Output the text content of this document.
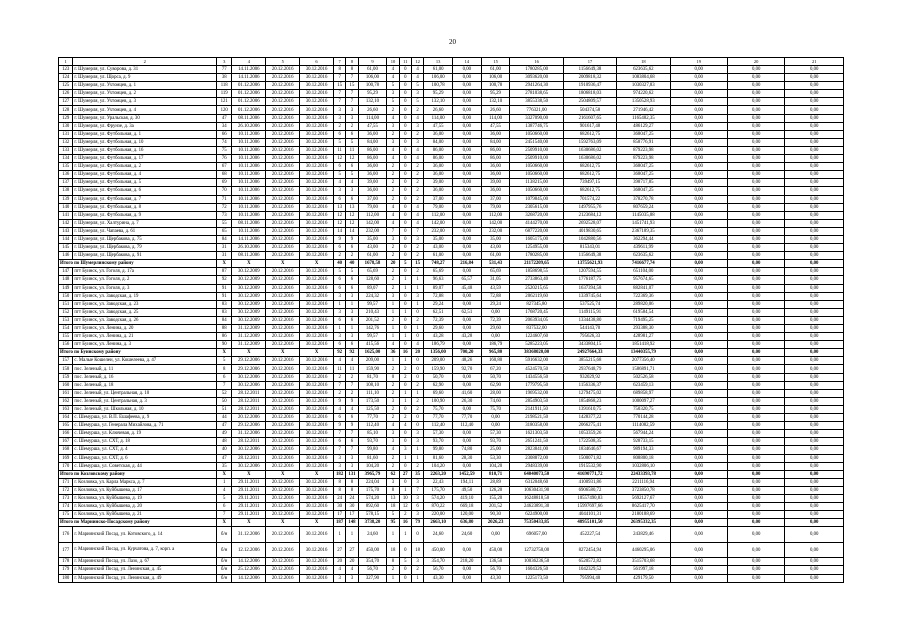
20
1	2	3	4	5	6	7	8	9	10	11	12	13	14	15	16	17	18	19	20	21
123	г. Шумерля, ул. Суворова, д. 31	77	14.11.2006	20.12.2016	30.12.2016	8	8	61,00	4	0	4	61,00	0,00	61,00	1780285,00	1156649,38	623635,62	0,00	0,00	0,00
124	г. Шумерля, ул. Щорса, д. 9	38	14.11.2006	20.12.2016	30.12.2016	7	7	106,00	4	0	4	106,00	0,00	106,00	3093620,00	2009818,32	1083804,68	0,00	0,00	0,00
125	г. Шумерля, ул. Ухтомцев, д. 1	118	01.12.2006	20.12.2016	30.12.2016	15	15	100,78	5	0	5	100,78	0,00	100,78	2941264,30	1910936,47	1030327,83	0,00	0,00	0,00
126	г. Шумерля, ул. Ухтомцев, д. 2	119	01.12.2006	20.12.2016	30.12.2016	7	7	95,29	3	0	3	95,29	0,00	95,29	2781038,65	1806818,03	974220,62	0,00	0,00	0,00
127	г. Шумерля, ул. Ухтомцев, д. 3	121	01.12.2006	20.12.2016	30.12.2016	7	7	132,10	5	0	5	132,10	0,00	132,10	3855338,50	2504809,57	1350528,93	0,00	0,00	0,00
128	г. Шумерля, ул. Ухтомцев, д. 4	120	01.12.2006	20.12.2016	30.12.2016	3	3	26,60	2	0	2	26,60	0,00	26,60	776321,00	504374,58	271946,42	0,00	0,00	0,00
129	г. Шумерля, ул. Уральская, д. 30	47	08.11.2006	20.12.2016	30.12.2016	3	3	114,00	4	0	4	114,00	0,00	114,00	3327090,00	2161607,65	1165482,35	0,00	0,00	0,00
130	г. Шумерля, ул. Фрунзе, д. 3а	34	26.10.2006	20.12.2016	30.12.2016	2	2	47,55	3	0	3	47,55	0,00	47,55	1387746,75	901617,48	486129,27	0,00	0,00	0,00
131	г. Шумерля, ул. Футбольная, д. 1	66	10.11.2006	20.12.2016	30.12.2016	6	6	36,00	2	0	2	36,00	0,00	36,00	1050660,00	682612,75	368047,25	0,00	0,00	0,00
132	г. Шумерля, ул. Футбольная, д. 10	74	10.11.2006	20.12.2016	30.12.2016	5	5	84,00	3	0	3	84,00	0,00	84,00	2451540,00	1592763,09	858776,91	0,00	0,00	0,00
133	г. Шумерля, ул. Футбольная, д. 16	75	10.11.2006	20.12.2016	30.12.2016	11	11	86,00	4	0	4	86,00	0,00	86,00	2509910,00	1630686,02	879223,98	0,00	0,00	0,00
134	г. Шумерля, ул. Футбольная, д. 17	76	10.11.2006	20.12.2016	30.12.2016	12	12	86,00	4	0	4	86,00	0,00	86,00	2509910,00	1630686,02	879223,98	0,00	0,00	0,00
135	г. Шумерля, ул. Футбольная, д. 2	67	10.11.2006	20.12.2016	30.12.2016	6	6	36,00	2	0	2	36,00	0,00	36,00	1050660,00	682612,75	368047,25	0,00	0,00	0,00
136	г. Шумерля, ул. Футбольная, д. 4	68	10.11.2006	20.12.2016	30.12.2016	5	5	36,00	2	0	2	36,00	0,00	36,00	1050660,00	682612,75	368047,25	0,00	0,00	0,00
137	г. Шумерля, ул. Футбольная, д. 5	69	10.11.2006	20.12.2016	30.12.2016	4	4	39,00	2	0	2	39,00	0,00	39,00	1138215,00	739497,15	398717,85	0,00	0,00	0,00
138	г. Шумерля, ул. Футбольная, д. 6	70	10.11.2006	20.12.2016	30.12.2016	3	3	36,00	2	0	2	36,00	0,00	36,00	1050660,00	682612,75	368047,25	0,00	0,00	0,00
139	г. Шумерля, ул. Футбольная, д. 7	71	10.11.2006	20.12.2016	30.12.2016	6	6	37,00	2	0	2	37,00	0,00	37,00	1079845,00	701574,22	378270,78	0,00	0,00	0,00
140	г. Шумерля, ул. Футбольная, д. 8	72	10.11.2006	20.12.2016	30.12.2016	13	13	79,00	4	0	4	79,00	0,00	79,00	2305615,00	1497955,76	807659,24	0,00	0,00	0,00
141	г. Шумерля, ул. Футбольная, д. 9	73	10.11.2006	20.12.2016	30.12.2016	12	12	112,00	4	0	4	112,00	0,00	112,00	3268720,00	2123684,12	1145035,88	0,00	0,00	0,00
142	г. Шумерля, ул. Халтурина, д. 7	55	08.11.2006	20.12.2016	30.12.2016	12	12	142,00	4	0	4	142,00	0,00	142,00	4144270,00	2692528,07	1451741,93	0,00	0,00	0,00
143	г. Шумерля, ул. Чапаева, д. 61	65	10.11.2006	20.12.2016	30.12.2016	14	14	232,00	7	0	7	232,00	0,00	232,00	6877220,00	4019830,65	2367189,35	0,00	0,00	0,00
144	г. Шумерля, ул. Щербакова, д. 75	84	14.11.2006	20.12.2016	30.12.2016	9	9	35,00	3	0	3	35,00	0,00	35,00	1605175,00	1042880,56	362294,44	0,00	0,00	0,00
145	г. Шумерля, ул. Щербакова, д. 79	31	26.10.2006	20.12.2016	30.12.2016	6	6	43,00	2	0	2	43,00	0,00	43,00	1254955,00	815343,01	439611,99	0,00	0,00	0,00
146	г. Шумерля, ул. Щербакова, д. 91	31	08.11.2006	20.12.2016	30.12.2016	2	2	61,00	2	0	2	61,00	0,00	61,00	1780285,00	1156649,38	623635,62	0,00	0,00	0,00
Итого по Шумерлинскому району		X	X	X	X	40	40	1678,58	20	5	15	748,27	216,84	531,43	21172209,65	13755621,93	7416677,74	0,00	0,00	0,00
147	пгт Буинск, ул. Гоголя, д. 17а	87	30.12.2009	20.12.2016	30.12.2016	5	5	65,69	2	0	2	65,69	0,00	65,69	1858698,55	1207594,55	651104,00	0,00	0,00	0,00
148	пгт Буинск, ул. Гоголя, д. 2	92	30.12.2009	20.12.2016	30.12.2016	6	6	128,60	2	1	1	96,63	65,57	31,05	2733863,40	1776187,75	957674,65	0,00	0,00	0,00
149	пгт Буинск, ул. Гоголя, д. 3	91	30.12.2009	20.12.2016	30.12.2016	6	6	89,07	2	1	1	89,07	45,48	43,59	2520215,65	1637394,58	882841,07	0,00	0,00	0,00
150	пгт Буинск, ул. Заводская, д. 19	91	30.12.2009	20.12.2016	30.12.2016	3	3	224,32	3	0	3	72,88	0,00	72,88	2062119,60	1339745,64	722369,36	0,00	0,00	0,00
151	пгт Буинск, ул. Заводская, д. 23	83	30.12.2009	20.12.2016	30.12.2016	1	1	99,57	1	0	1	29,24	0,00	29,24	827345,80	537525,74	289820,06	0,00	0,00	0,00
152	пгт Буинск, ул. Заводская, д. 25	83	30.12.2009	20.12.2016	30.12.2016	3	3	210,43	1	1	0	62,51	62,51	0,00	1768720,45	1149115,91	619584,54	0,00	0,00	0,00
153	пгт Буинск, ул. Заводская, д. 26	84	30.12.2009	20.12.2016	30.12.2016	6	6	201,52	2	0	2	72,39	0,00	72,39	2063934,05	1334438,80	719495,25	0,00	0,00	0,00
154	пгт Буинск, ул. Ленина, д. 20	88	31.12.2009	20.12.2016	30.12.2016	1	1	142,76	1	0	1	29,60	0,00	29,60	837532,00	544143,70	293388,30	0,00	0,00	0,00
155	пгт Буинск, ул. Ленина, д. 21	86	31.12.2009	20.12.2016	30.12.2016	3	3	99,57	1	1	0	43,28	43,28	0,00	1224607,60	795626,33	428981,27	0,00	0,00	0,00
156	пгт Буинск, ул. Ленина, д. 3	90	31.12.2009	20.12.2016	30.12.2016	6	6	415,56	4	0	4	186,79	0,00	186,79	5285223,05	3433804,15	1851418,92	0,00	0,00	0,00
Итого по Буинскому району		X	X	X	X	92	92	1625,00	36	16	20	1356,00	700,20	965,80	38368020,00	24927664,33	13440355,79	0,00	0,00	0,00
157	с. Малые Кошелеи, ул. Кошелеева, д. 47	5	29.12.2006	20.12.2016	30.12.2016	4	4	209,00	1	1	0	209,00	48,26	160,80	5916632,00	3855215,68	2077356,40	0,00	0,00	0,00
158	пос. Зеленый, д. 11	8	29.12.2006	20.12.2016	30.12.2016	11	11	159,90	2	2	0	159,90	92,70	67,20	4524570,50	2937648,79	1586891,71	0,00	0,00	0,00
159	пос. Зеленый, д. 16	6	30.12.2006	20.12.2016	30.12.2016	2	2	81,70	0	2	0	50,70	0,00	50,70	1434556,50	932029,92	502526,58	0,00	0,00	0,00
160	пос. Зеленый, д. 18	7	30.12.2006	20.12.2016	30.12.2016	7	7	108,10	2	0	2	62,90	0,00	62,90	1779795,50	1156336,37	623459,13	0,00	0,00	0,00
161	пос. Зеленый, ул. Центральная, д. 10	52	28.12.2011	20.12.2016	30.12.2016	2	2	111,10	2	1	1	69,60	41,60	28,00	1969532,00	1279475,02	689858,97	0,00	0,00	0,00
162	пос. Зеленый, ул. Центральная, д. 3	50	28.12.2011	20.12.2016	30.12.2016	9	9	173,50	3	1	2	100,90	26,30	74,60	2854903,50	1854868,23	1000097,27	0,00	0,00	0,00
163	пос. Зеленый, ул. Школьная, д. 10	51	28.12.2011	20.12.2016	30.12.2016	4	4	125,50	2	0	2	75,70	0,00	75,70	2141911,50	1391610,75	750320,75	0,00	0,00	0,00
164	с. Шемурша, ул. В.П. Ешафеева, д. 9	44	20.12.2006	20.12.2016	30.12.2016	6	6	77,70	2	2	0	77,70	77,70	0,00	2198521,50	1428377,22	770144,28	0,00	0,00	0,00
165	с. Шемурша, ул. Генерала Михайлова, д. 71	47	29.12.2006	20.12.2016	30.12.2016	9	9	112,40	4	4	0	112,40	112,40	0,00	3180358,00	2066275,41	1114082,59	0,00	0,00	0,00
166	с. Шемурша, ул. Ключевая, д. 19	49	31.12.2006	20.12.2016	30.12.2016	7	7	85,10	3	0	3	57,30	0,00	57,30	1621303,50	1053359,26	567944,24	0,00	0,00	0,00
167	с. Шемурша, ул. СХТ, д. 18	48	28.12.2011	20.12.2016	30.12.2016	6	6	93,70	3	0	3	93,70	0,00	93,70	2651241,50	1722508,35	928733,15	0,00	0,00	0,00
168	с. Шемурша, ул. СХТ, д. 4	40	30.12.2006	20.12.2016	30.12.2016	7	7	99,80	4	3	1	99,80	74,80	25,00	2823841,00	1834646,67	989194,33	0,00	0,00	0,00
169	с. Шемурша, ул. СХТ, д. 6	47	28.12.2011	20.12.2016	30.12.2016	3	3	81,60	2	1	1	81,60	28,30	53,30	2308872,00	1500071,82	808800,18	0,00	0,00	0,00
170	с. Шемурша, ул. Советская, д. 44	35	30.12.2006	20.12.2016	30.12.2016	3	3	104,20	2	0	2	104,20	0,00	104,20	2948339,00	1915532,90	1032806,10	0,00	0,00	0,00
Итого по Козловскому району		X	X	X	X	182	131	3965,79	62	27	35	2263,20	1452,59	810,71	64040073,50	41690771,72	22433393,78	0,00	0,00	0,00
171	г. Козловка, ул. Карла Маркса, д. 7	1	29.11.2011	20.12.2016	30.12.2016	8	8	224,04	3	0	3	22,43	194,11	28,89	6312048,60	4100931,86	2211116,94	0,00	0,00	0,00
172	г. Козловка, ул. Куйбышева, д. 17	4	29.11.2011	20.12.2016	30.12.2016	8	8	175,70	8	1	7	175,70	49,50	126,20	10630431,90	6906580,72	3723850,78	0,00	0,00	0,00
173	г. Козловка, ул. Куйбышева, д. 19	5	29.11.2011	20.12.2016	30.12.2016	24	24	574,20	13	10	3	574,20	419,10	155,20	16248818,50	10557490,83	5692127,67	0,00	0,00	0,00
174	г. Козловка, ул. Куйбышева, д. 20	6	29.11.2011	20.12.2016	30.12.2016	30	30	892,60	18	12	6	870,22	669,18	201,52	24623891,30	15997697,66	8625417,70	0,00	0,00	0,00
175	г. Козловка, ул. Куйбышева, д. 21	7	29.11.2011	20.12.2016	30.12.2016	17	17	578,15	5	2	3	220,00	120,00	90,30	6224900,00	4044101,31	2180188,69	0,00	0,00	0,00
Итого по Мариинско-Посадскому району		X	X	X	X	187	148	3738,20	95	16	79	2663,10	636,80	2026,23	75350433,85	48955101,50	26395332,35	0,00	0,00	0,00
176	г. Мариинский Посад, ул. Котовского, д. 14	б/н	31.12.2006	20.12.2016	30.12.2016	1	1	24,60	1	1	0	24,60	24,60	0,00	696057,00	452227,54	243829,46	0,00	0,00	0,00
177	г. Мариинский Посад, ул. Курчатова, д. 7, корп. а	б/н	12.12.2006	20.12.2016	30.12.2016	27	27	450,00	18	0	18	450,00	0,00	450,00	12732750,00	8272454,94	4460295,06	0,00	0,00	0,00
178	г. Мариинский Посад, ул. Лазо, д. 67	б/н	14.12.2006	20.12.2016	30.12.2016	20	20	354,70	8	5	3	354,70	218,20	136,50	10036236,50	6520572,82	3515703,68	0,00	0,00	0,00
179	г. Мариинский Посад, ул. Ленинская, д. 45	б/н	25.12.2006	20.12.2016	30.12.2016	4	4	56,70	2	0	2	56,70	0,00	56,70	1604326,50	1042329,52	561997,18	0,00	0,00	0,00
180	г. Мариинский Посад, ул. Ленинская, д. 49	б/н	14.12.2006	20.12.2016	30.12.2016	3	3	327,90	1	0	1	43,30	0,00	43,30	1225173,50	795994,40	429179,50	0,00	0,00	0,00
